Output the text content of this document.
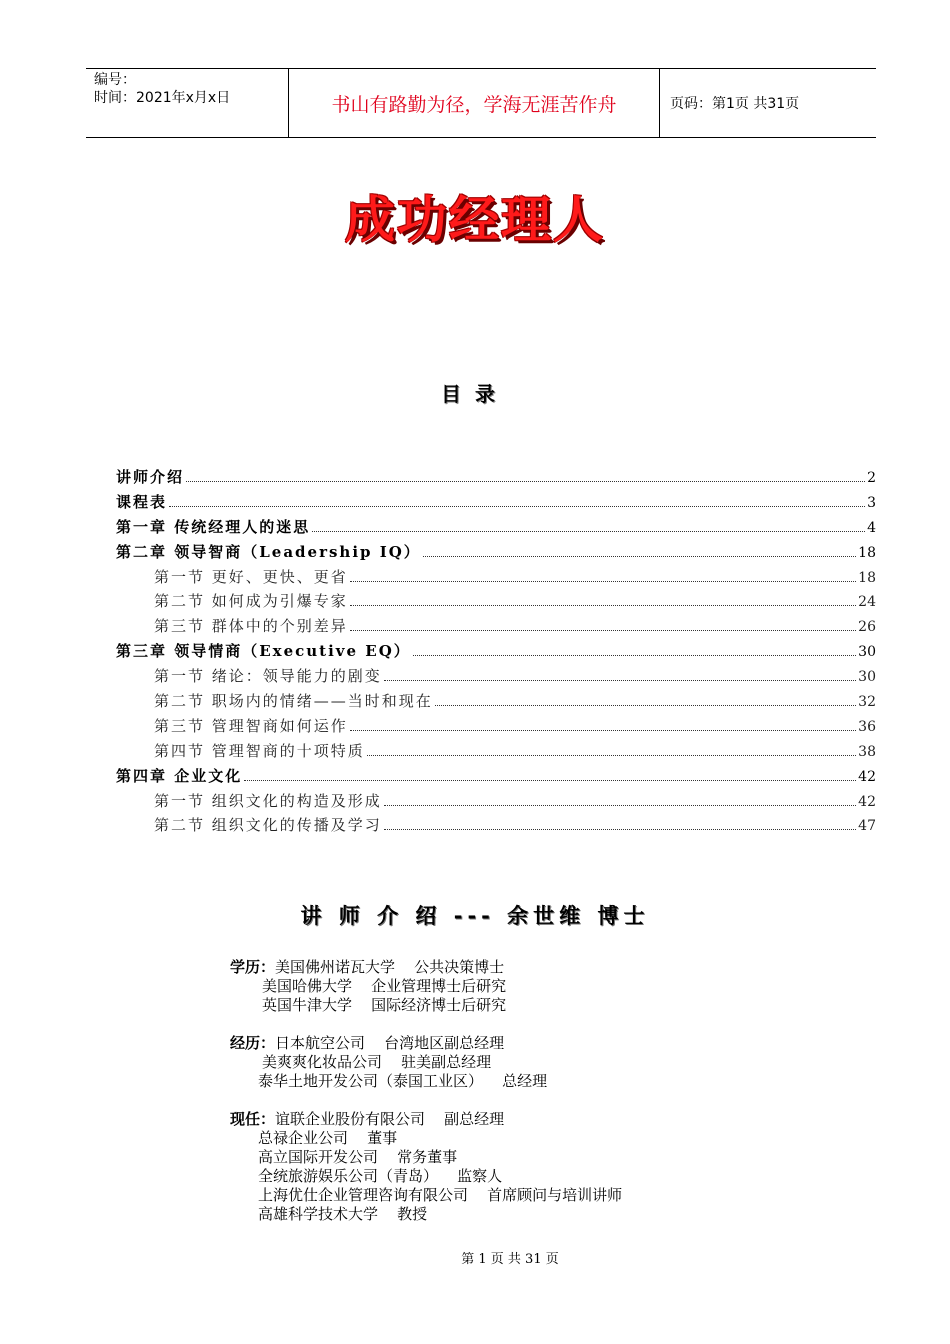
编号：
时间：2021年x月x日	书山有路勤为径，学海无涯苦作舟	页码：第1页 共31页
成功经理人
目录
讲师介绍	2
课程表	3
第一章 传统经理人的迷思	4
第二章 领导智商（Leadership IQ）	18
第一节 更好、更快、更省	18
第二节 如何成为引爆专家	24
第三节 群体中的个别差异	26
第三章 领导情商（Executive EQ）	30
第一节 绪论：领导能力的剧变	30
第二节 职场内的情绪——当时和现在	32
第三节 管理智商如何运作	36
第四节 管理智商的十项特质	38
第四章 企业文化	42
第一节 组织文化的构造及形成	42
第二节 组织文化的传播及学习	47
讲 师 介 绍 --- 余世维 博士
学历：美国佛州诺瓦大学    公共决策博士
美国哈佛大学    企业管理博士后研究
英国牛津大学    国际经济博士后研究
经历：日本航空公司    台湾地区副总经理
美爽爽化妆品公司    驻美副总经理
泰华土地开发公司（泰国工业区）    总经理
现任：谊联企业股份有限公司    副总经理
总禄企业公司    董事
高立国际开发公司    常务董事
全统旅游娱乐公司（青岛）    监察人
上海优仕企业管理咨询有限公司    首席顾问与培训讲师
高雄科学技术大学    教授
第 1 页 共 31 页
